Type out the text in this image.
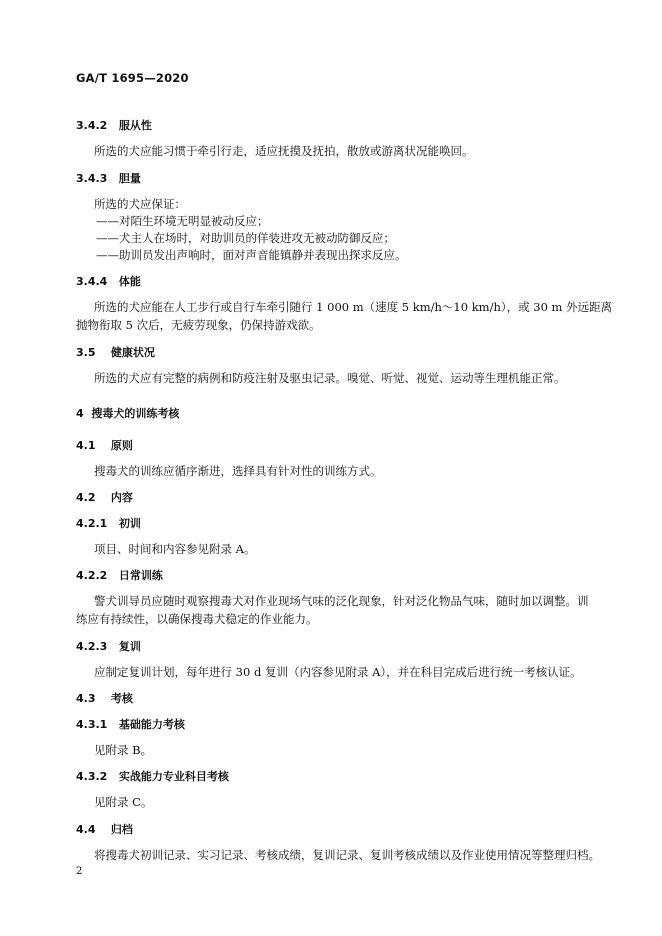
GA/T 1695—2020
3.4.2 服从性
所选的犬应能习惯于牵引行走，适应抚摸及抚拍，散放或游离状况能唤回。
3.4.3 胆量
所选的犬应保证：
——对陌生环境无明显被动反应；
——犬主人在场时，对助训员的佯装进攻无被动防御反应；
——助训员发出声响时，面对声音能镇静并表现出探求反应。
3.4.4 体能
所选的犬应能在人工步行或自行车牵引随行 1 000 m（速度 5 km/h～10 km/h），或 30 m 外远距离
抛物衔取 5 次后，无疲劳现象，仍保持游戏欲。
3.5 健康状况
所选的犬应有完整的病例和防疫注射及驱虫记录。嗅觉、听觉、视觉、运动等生理机能正常。
4 搜毒犬的训练考核
4.1 原则
搜毒犬的训练应循序渐进，选择具有针对性的训练方式。
4.2 内容
4.2.1 初训
项目、时间和内容参见附录 A。
4.2.2 日常训练
警犬训导员应随时观察搜毒犬对作业现场气味的泛化现象，针对泛化物品气味，随时加以调整。训
练应有持续性，以确保搜毒犬稳定的作业能力。
4.2.3 复训
应制定复训计划，每年进行 30 d 复训（内容参见附录 A），并在科目完成后进行统一考核认证。
4.3 考核
4.3.1 基础能力考核
见附录 B。
4.3.2 实战能力专业科目考核
见附录 C。
4.4 归档
将搜毒犬初训记录、实习记录、考核成绩，复训记录、复训考核成绩以及作业使用情况等整理归档。
2
